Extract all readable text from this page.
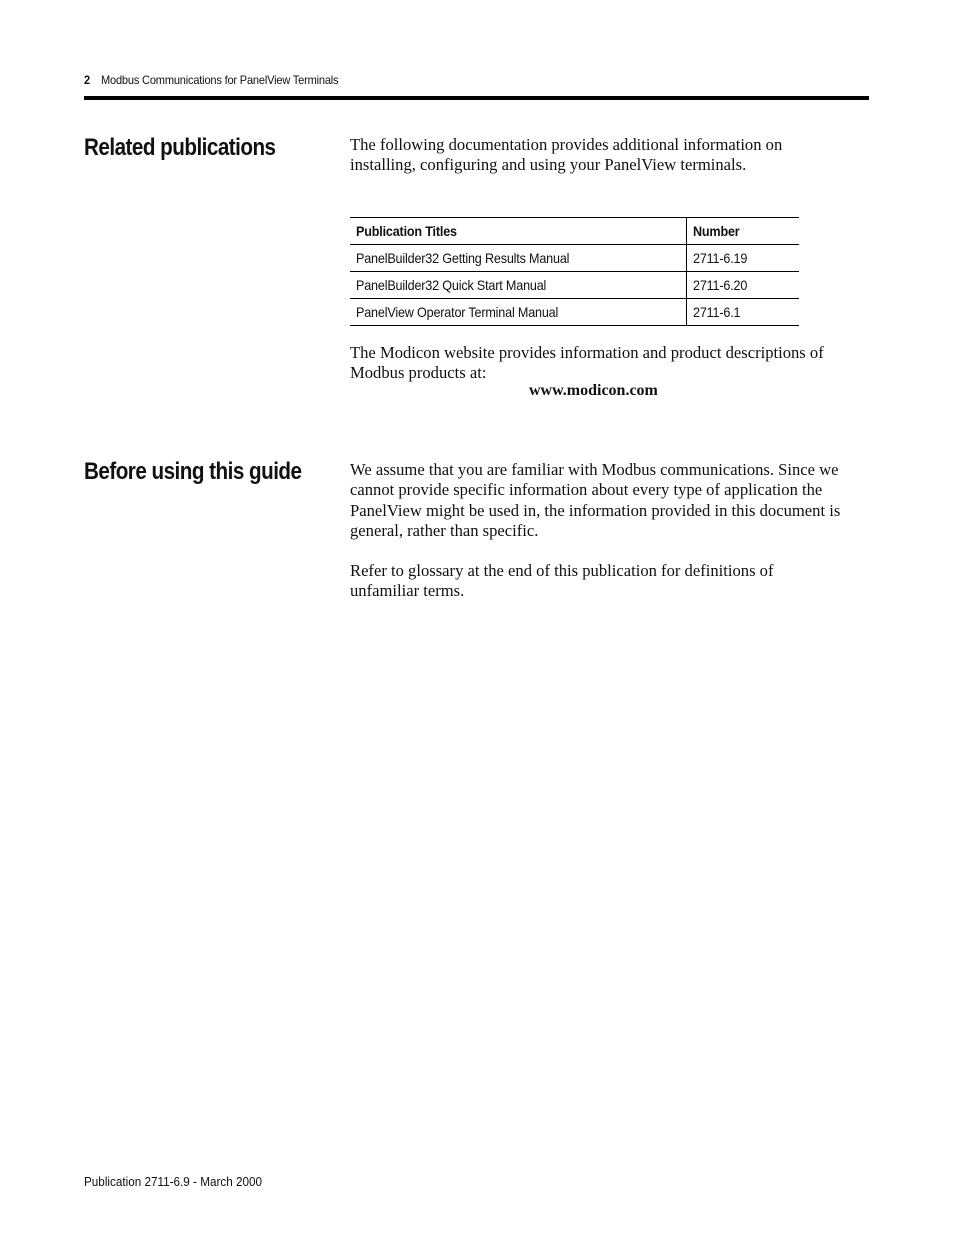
2 Modbus Communications for PanelView Terminals
Related publications	The following documentation provides additional information on installing, configuring and using your PanelView terminals.

Publication Titles	Number
PanelBuilder32 Getting Results Manual	2711-6.19
PanelBuilder32 Quick Start Manual	2711-6.20
PanelView Operator Terminal Manual	2711-6.1

The Modicon website provides information and product descriptions of Modbus products at:

www.modicon.com
Before using this guide	We assume that you are familiar with Modbus communications. Since we cannot provide specific information about every type of application the PanelView might be used in, the information provided in this document is general, rather than specific.

Refer to glossary at the end of this publication for definitions of unfamiliar terms.

Publication 2711-6.9 - March 2000
